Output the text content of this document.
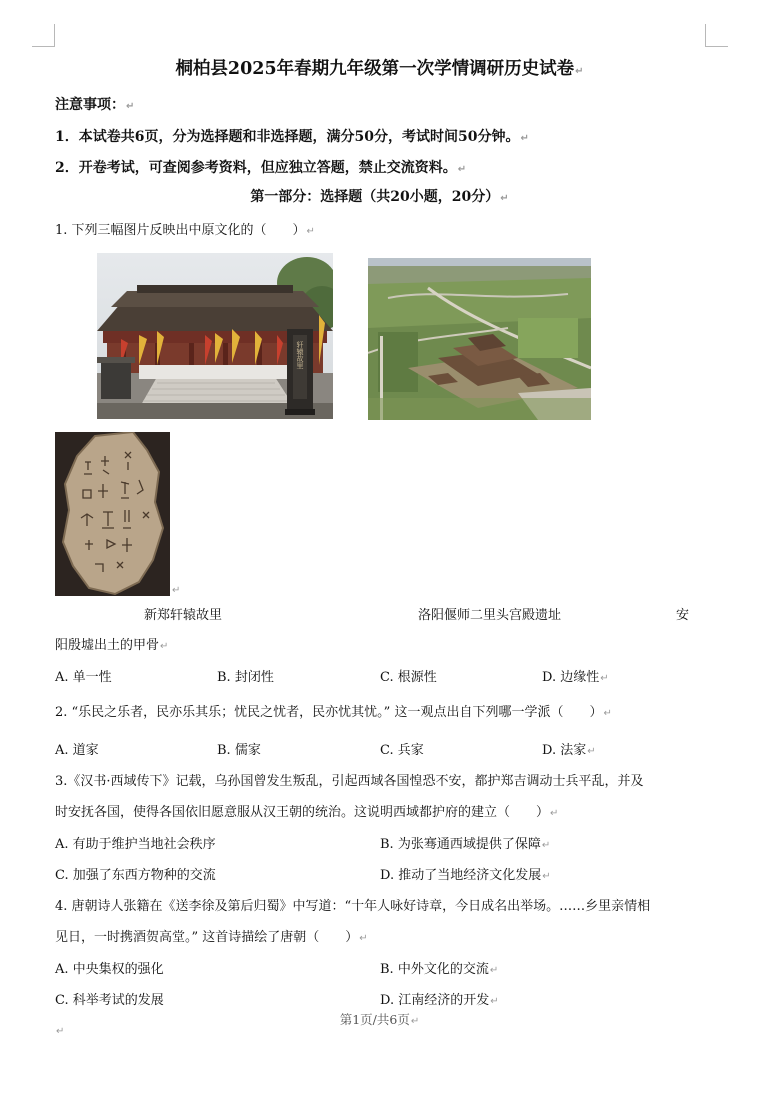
桐柏县2025年春期九年级第一次学情调研历史试卷↵
注意事项：↵
1．本试卷共6页，分为选择题和非选择题，满分50分，考试时间50分钟。↵
2．开卷考试，可查阅参考资料，但应独立答题，禁止交流资料。↵
第一部分：选择题（共20小题，20分）↵
1. 下列三幅图片反映出中原文化的（　　）↵
轩辕故里
↵
新郑轩辕故里	洛阳偃师二里头宫殿遗址	安
阳殷墟出土的甲骨↵
A. 单一性	B. 封闭性	C. 根源性	D. 边缘性↵
2. “乐民之乐者，民亦乐其乐；忧民之忧者，民亦忧其忧。” 这一观点出自下列哪一学派（　　）↵
A. 道家	B. 儒家	C. 兵家	D. 法家↵
3.《汉书·西域传下》记载，乌孙国曾发生叛乱，引起西域各国惶恐不安，都护郑吉调动士兵平乱，并及
时安抚各国，使得各国依旧愿意服从汉王朝的统治。这说明西域都护府的建立（　　）↵
A. 有助于维护当地社会秩序	B. 为张骞通西域提供了保障↵
C. 加强了东西方物种的交流	D. 推动了当地经济文化发展↵
4. 唐朝诗人张籍在《送李徐及第后归蜀》中写道：“十年人咏好诗章，今日成名出举场。……乡里亲情相
见日，一时携酒贺高堂。” 这首诗描绘了唐朝（　　）↵
A. 中央集权的强化	B. 中外文化的交流↵
C. 科举考试的发展	D. 江南经济的开发↵
第1页/共6页↵
↵
